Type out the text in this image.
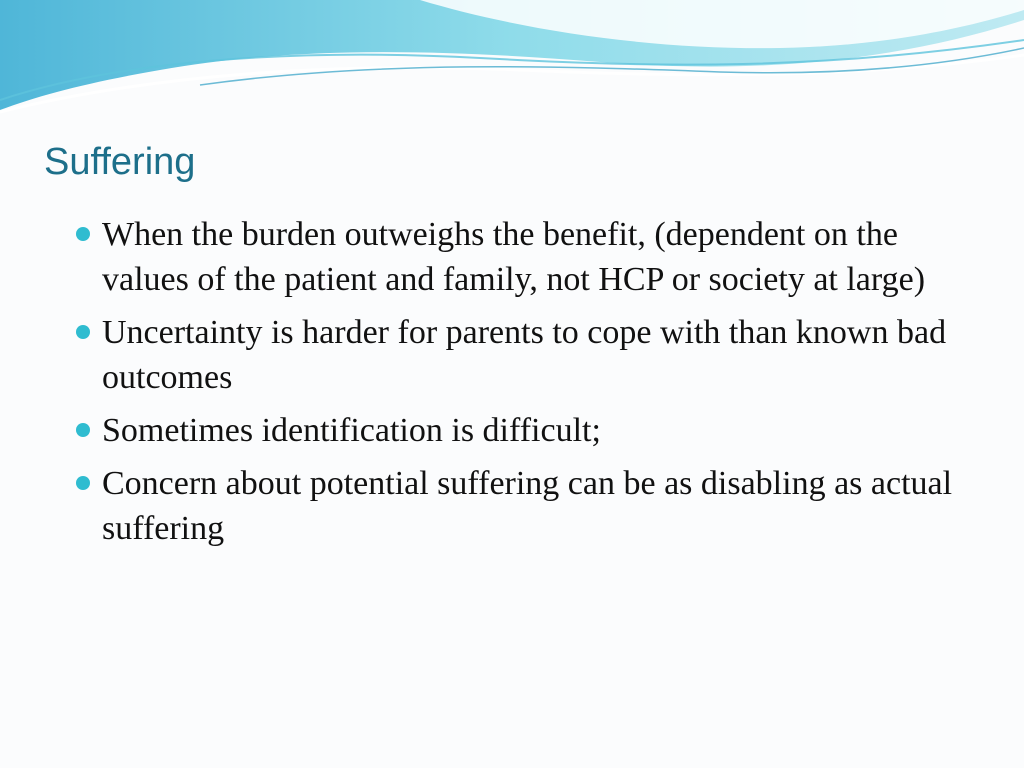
Suffering
When the burden outweighs the benefit, (dependent on the values of the patient and family, not HCP or society at large)
Uncertainty is harder for parents to cope with than known bad outcomes
Sometimes identification is difficult;
Concern about potential suffering can be as disabling as actual suffering
